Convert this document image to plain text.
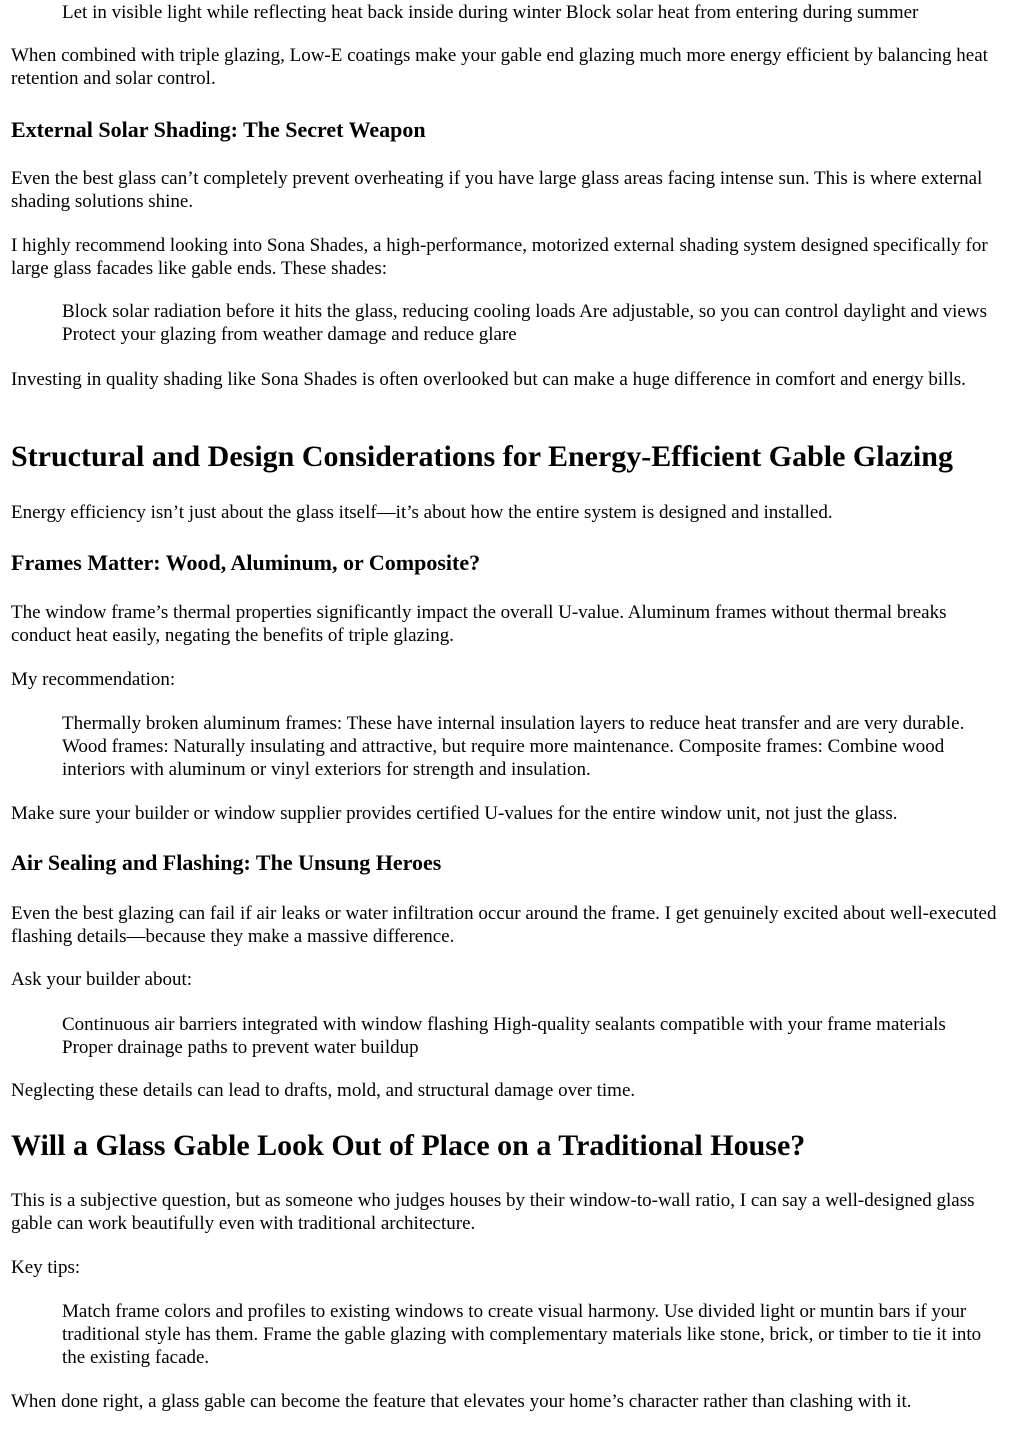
Let in visible light while reflecting heat back inside during winter Block solar heat from entering during summer

When combined with triple glazing, Low-E coatings make your gable end glazing much more energy efficient by balancing heat retention and solar control.

External Solar Shading: The Secret Weapon

Even the best glass can’t completely prevent overheating if you have large glass areas facing intense sun. This is where external shading solutions shine.

I highly recommend looking into Sona Shades, a high-performance, motorized external shading system designed specifically for large glass facades like gable ends. These shades:

Block solar radiation before it hits the glass, reducing cooling loads Are adjustable, so you can control daylight and views Protect your glazing from weather damage and reduce glare

Investing in quality shading like Sona Shades is often overlooked but can make a huge difference in comfort and energy bills.

Structural and Design Considerations for Energy-Efficient Gable Glazing

Energy efficiency isn’t just about the glass itself—it’s about how the entire system is designed and installed.

Frames Matter: Wood, Aluminum, or Composite?

The window frame’s thermal properties significantly impact the overall U-value. Aluminum frames without thermal breaks conduct heat easily, negating the benefits of triple glazing.

My recommendation:

Thermally broken aluminum frames: These have internal insulation layers to reduce heat transfer and are very durable. Wood frames: Naturally insulating and attractive, but require more maintenance. Composite frames: Combine wood interiors with aluminum or vinyl exteriors for strength and insulation.

Make sure your builder or window supplier provides certified U-values for the entire window unit, not just the glass.

Air Sealing and Flashing: The Unsung Heroes

Even the best glazing can fail if air leaks or water infiltration occur around the frame. I get genuinely excited about well-executed flashing details—because they make a massive difference.

Ask your builder about:

Continuous air barriers integrated with window flashing High-quality sealants compatible with your frame materials Proper drainage paths to prevent water buildup

Neglecting these details can lead to drafts, mold, and structural damage over time.

Will a Glass Gable Look Out of Place on a Traditional House?

This is a subjective question, but as someone who judges houses by their window-to-wall ratio, I can say a well-designed glass gable can work beautifully even with traditional architecture.

Key tips:

Match frame colors and profiles to existing windows to create visual harmony. Use divided light or muntin bars if your traditional style has them. Frame the gable glazing with complementary materials like stone, brick, or timber to tie it into the existing facade.

When done right, a glass gable can become the feature that elevates your home’s character rather than clashing with it.
